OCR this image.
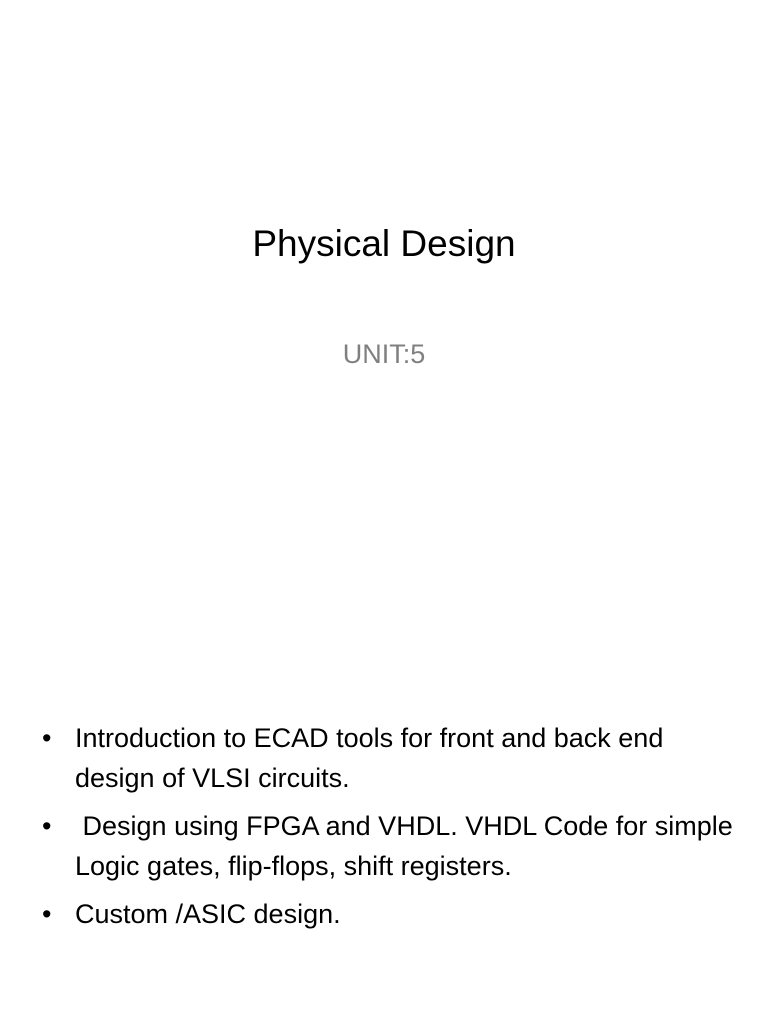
Physical Design
UNIT:5
• Introduction to ECAD tools for front and back end design of VLSI circuits.
• Design using FPGA and VHDL. VHDL Code for simple Logic gates, flip-flops, shift registers.
• Custom /ASIC design.
